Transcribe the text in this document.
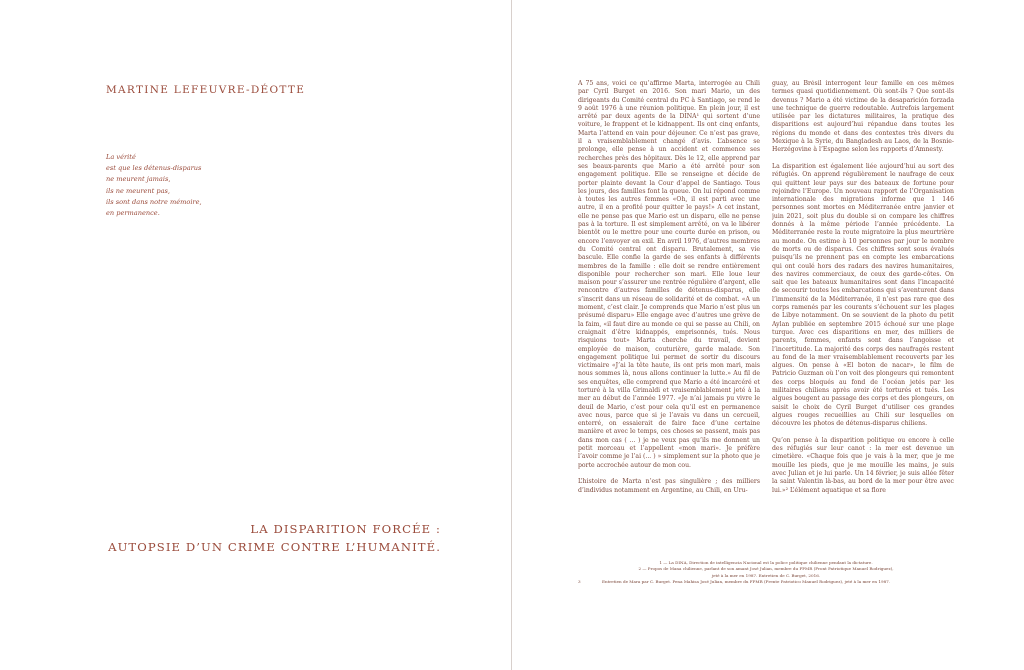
MARTINE LEFEUVRE-DÉOTTE
La vérité
est que les détenus-disparus
ne meurent jamais,
ils ne meurent pas,
ils sont dans notre mémoire,
en permanence.
LA DISPARITION FORCÉE :
AUTOPSIE D’UN CRIME CONTRE L’HUMANITÉ.

A 75 ans, voici ce qu’affirme Marta, interrogée au Chili par Cyril Burget en 2016. Son mari Mario, un des dirigeants du Comité central du PC à Santiago, se rend le 9 août 1976 à une réunion politique. En plein jour, il est arrêté par deux agents de la DINA¹ qui sortent d’une voiture, le frappent et le kidnappent. Ils ont cinq enfants, Marta l’attend en vain pour déjeuner. Ce n’est pas grave, il a vraisemblablement changé d’avis. L’absence se prolonge, elle pense à un accident et commence ses recherches près des hôpitaux. Dès le 12, elle apprend par ses beaux-parents que Mario a été arrêté pour son engagement politique. Elle se renseigne et décide de porter plainte devant la Cour d’appel de Santiago. Tous les jours, des familles font la queue. On lui répond comme à toutes les autres femmes «Oh, il est parti avec une autre, il en a profité pour quitter le pays!» A cet instant, elle ne pense pas que Mario est un disparu, elle ne pense pas à la torture. Il est simplement arrêté, on va le libérer bientôt ou le mettre pour une courte durée en prison, ou encore l’envoyer en exil. En avril 1976, d’autres membres du Comité central ont disparu. Brutalement, sa vie bascule. Elle confie la garde de ses enfants à différents membres de la famille : elle doit se rendre entièrement disponible pour rechercher son mari. Elle loue leur maison pour s’assurer une rentrée régulière d’argent, elle rencontre d’autres familles de détenus-disparus, elle s’inscrit dans un réseau de solidarité et de combat. «A un moment, c’est clair. Je comprends que Mario n’est plus un présumé disparu» Elle engage avec d’autres une grève de la faim, «il faut dire au monde ce qui se passe au Chili, on craignait d’être kidnappés, emprisonnés, tués. Nous risquions tout» Marta cherche du travail, devient employée de maison, couturière, garde malade. Son engagement politique lui permet de sortir du discours victimaire «J’ai la tête haute, ils ont pris mon mari, mais nous sommes là, nous allons continuer la lutte.» Au fil de ses enquêtes, elle comprend que Mario a été incarcéré et torturé à la villa Grimaldi et vraisemblablement jeté à la mer au début de l’année 1977. «Je n’ai jamais pu vivre le deuil de Mario, c’est pour cela qu’il est en permanence avec nous, parce que si je l’avais vu dans un cercueil, enterré, on essaierait de faire face d’une certaine manière et avec le temps, ces choses se passent, mais pas dans mon cas ( ... ) je ne veux pas qu’ils me donnent un petit morceau et l’appellent «mon mari». Je préfère l’avoir comme je l’ai (... ) » simplement sur la photo que je porte accrochée autour de mon cou.

L’histoire de Marta n’est pas singulière ; des milliers d’individus notamment en Argentine, au Chili, en Uru-

guay, au Brésil interrogent leur famille en ces mêmes termes quasi quotidiennement. Où sont-ils ? Que sont-ils devenus ? Mario a été victime de la desaparición forzada une technique de guerre redoutable. Autrefois largement utilisée par les dictatures militaires, la pratique des disparitions est aujourd’hui répandue dans toutes les régions du monde et dans des contextes très divers du Mexique à la Syrie, du Bangladesh au Laos, de la Bosnie-Herzégovine à l’Espagne selon les rapports d’Amnesty.

La disparition est également liée aujourd’hui au sort des réfugiés. On apprend régulièrement le naufrage de ceux qui quittent leur pays sur des bateaux de fortune pour rejoindre l’Europe. Un nouveau rapport de l’Organisation internationale des migrations informe que 1 146 personnes sont mortes en Méditerranée entre janvier et juin 2021, soit plus du double si on compare les chiffres donnés à la même période l’année précédente. La Méditerranée reste la route migratoire la plus meurtrière au monde. On estime à 10 personnes par jour le nombre de morts ou de disparus. Ces chiffres sont sous évalués puisqu’ils ne prennent pas en compte les embarcations qui ont coulé hors des radars des navires humanitaires, des navires commerciaux, de ceux des garde-côtes. On sait que les bateaux humanitaires sont dans l’incapacité de secourir toutes les embarcations qui s’aventurent dans l’immensité de la Méditerranée, il n’est pas rare que des corps ramenés par les courants s’échouent sur les plages de Libye notamment. On se souvient de la photo du petit Aylan publiée en septembre 2015 échoué sur une plage turque. Avec ces disparitions en mer, des milliers de parents, femmes, enfants sont dans l’angoisse et l’incertitude. La majorité des corps des naufragés restent au fond de la mer vraisemblablement recouverts par les algues. On pense à «El boton de nacar», le film de Patricio Guzman où l’on voit des plongeurs qui remontent des corps bloqués au fond de l’océan jetés par les militaires chiliens après avoir été torturés et tués. Les algues bougent au passage des corps et des plongeurs, on saisit le choix de Cyril Burget d’utiliser ces grandes algues rouges recueillies au Chili sur lesquelles on découvre les photos de détenus-disparus chiliens.

Qu’on pense à la disparition politique ou encore à celle des réfugiés sur leur canot : la mer est devenue un cimetière. «Chaque fois que je vais à la mer, que je me mouille les pieds, que je me mouille les mains, je suis avec Julian et je lui parle. Un 14 février, je suis allée fêter la saint Valentin là-bas, au bord de la mer pour être avec lui.»² L’élément aquatique et sa flore

1 — La DINA, Direction de intelligencia Nacional est la police politique chilienne pendant la dictature.
2 — Propos de Mana chilienne, parlant de son amant José Julian, membre du FPMR (Front Patriotique Manuel Rodriguez),
jeté à la mer en 1987. Entretien de C. Burget, 2016.
3	Entretien de Mara par C. Burget. Pena Mahisa José Julian, membre du FPMR (Frente Patriotico Manuel Rodriguez), jeté à la mer en 1987.
